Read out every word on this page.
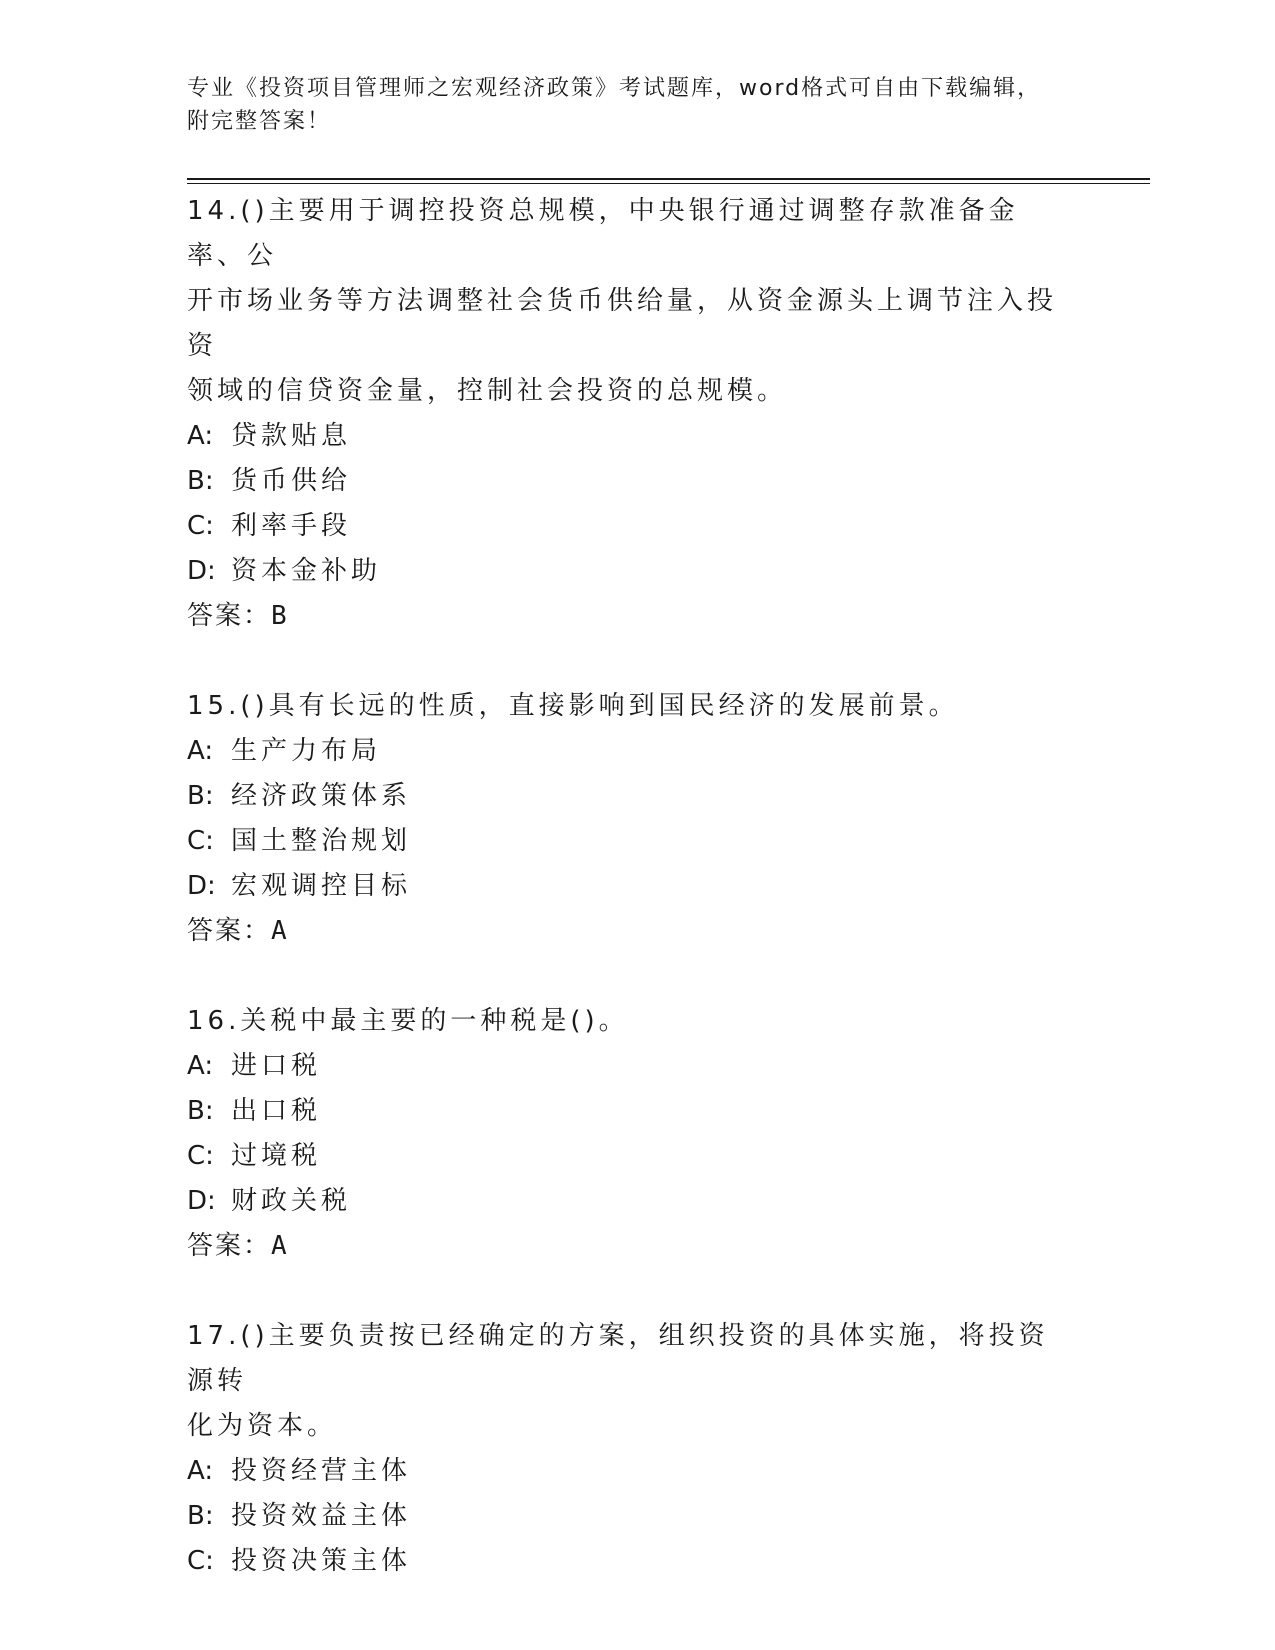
专业《投资项目管理师之宏观经济政策》考试题库，word格式可自由下载编辑，
附完整答案！
14.()主要用于调控投资总规模，中央银行通过调整存款准备金率、公
开市场业务等方法调整社会货币供给量，从资金源头上调节注入投资
领域的信贷资金量，控制社会投资的总规模。
A: 贷款贴息
B: 货币供给
C: 利率手段
D: 资本金补助
答案：B
15.()具有长远的性质，直接影响到国民经济的发展前景。
A: 生产力布局
B: 经济政策体系
C: 国土整治规划
D: 宏观调控目标
答案：A
16.关税中最主要的一种税是()。
A: 进口税
B: 出口税
C: 过境税
D: 财政关税
答案：A
17.()主要负责按已经确定的方案，组织投资的具体实施，将投资源转
化为资本。
A: 投资经营主体
B: 投资效益主体
C: 投资决策主体
